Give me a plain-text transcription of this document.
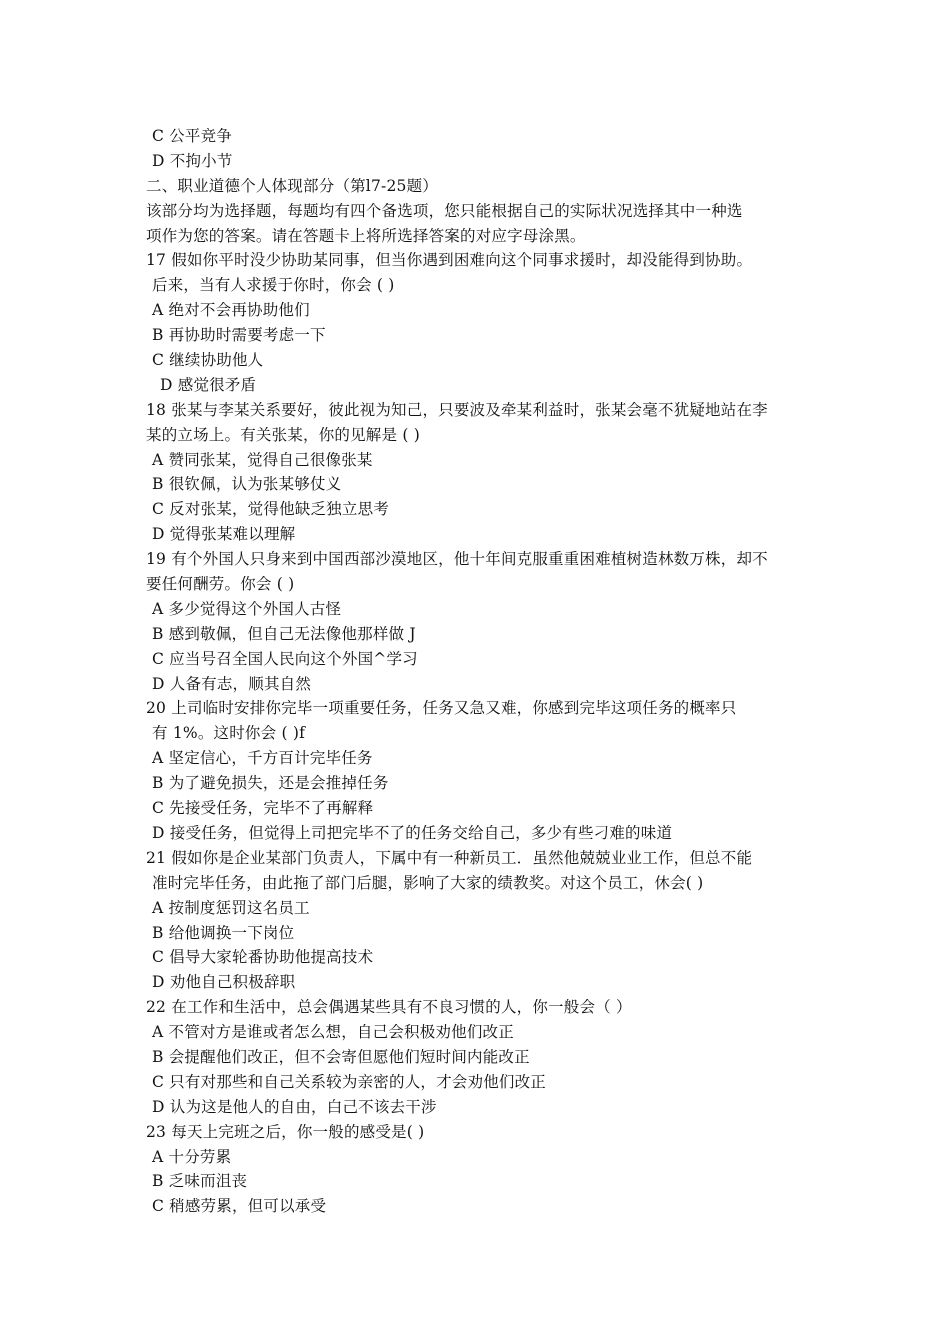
C 公平竞争
D 不拘小节
二、职业道德个人体现部分（第l7-25题）
该部分均为选择题，每题均有四个备选项，您只能根据自己的实际状况选择其中一种选
项作为您的答案。请在答题卡上将所选择答案的对应字母涂黑。
17 假如你平时没少协助某同事，但当你遇到困难向这个同事求援时，却没能得到协助。
后来，当有人求援于你时，你会 ( )
A 绝对不会再协助他们
B 再协助时需要考虑一下
C 继续协助他人
D 感觉很矛盾
18 张某与李某关系要好，彼此视为知己，只要波及牵某利益时，张某会毫不犹疑地站在李
某的立场上。有关张某，你的见解是 ( )
A 赞同张某，觉得自己很像张某
B 很钦佩，认为张某够仗义
C 反对张某，觉得他缺乏独立思考
D 觉得张某难以理解
19 有个外国人只身来到中国西部沙漠地区，他十年间克服重重困难植树造林数万株，却不
要任何酬劳。你会 ( )
A 多少觉得这个外国人古怪
B 感到敬佩，但自己无法像他那样做 J
C 应当号召全国人民向这个外国^学习
D 人备有志，顺其自然
20 上司临时安排你完毕一项重要任务，任务又急又难，你感到完毕这项任务的概率只
有 1%。这时你会 ( )f
A 坚定信心，千方百计完毕任务
B 为了避免损失，还是会推掉任务
C 先接受任务，完毕不了再解释
D 接受任务，但觉得上司把完毕不了的任务交给自己，多少有些刁难的味道
21 假如你是企业某部门负责人，下属中有一种新员工．虽然他兢兢业业工作，但总不能
准时完毕任务，由此拖了部门后腿，影响了大家的绩教奖。对这个员工，休会( )
A 按制度惩罚这名员工
B 给他调换一下岗位
C 倡导大家轮番协助他提高技术
D 劝他自己积极辞职
22 在工作和生活中，总会偶遇某些具有不良习惯的人，你一般会（ ）
A 不管对方是谁或者怎么想，自己会积极劝他们改正
B 会提醒他们改正，但不会寄但愿他们短时间内能改正
C 只有对那些和自己关系较为亲密的人，才会劝他们改正
D 认为这是他人的自由，白己不该去干涉
23 每天上完班之后，你一般的感受是( )
A 十分劳累
B 乏味而沮丧
C 稍感劳累，但可以承受
